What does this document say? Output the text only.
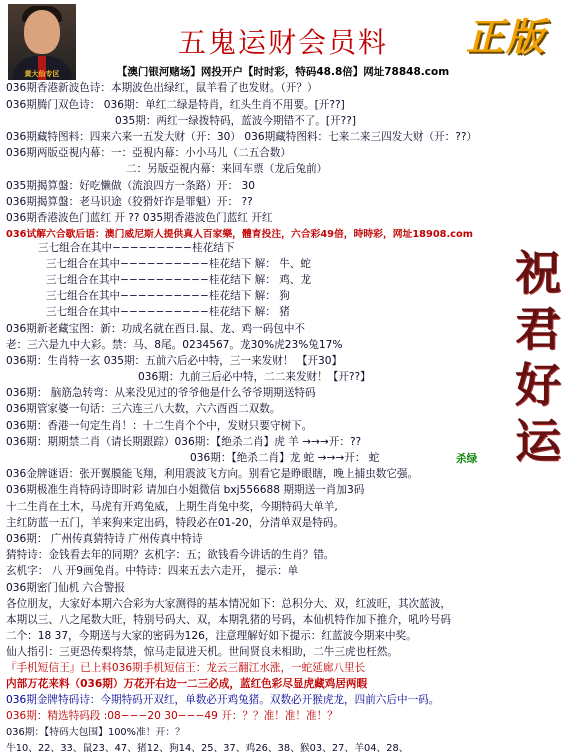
黄大仙专区
五鬼运财会员料	正版
【澳门银河赌场】网投开户【时时彩，特码48.8倍】网址78848.com
祝君好运
036期香港新波色诗：本期波色出绿红，鼠羊看了也发财。（开？）
036期腾门双色诗： 036期：单红二绿是特肖，红头生肖不用要。[开??]
035期：两红一绿拨特码，蓝波今期错不了。[开??]
036期藏特图料：四来六来一五发大财（开：30） 036期藏特图料：七来二来三四发大财（开：??）
036期两版亞視内幕：一：亞視内幕：小小马儿（二五合数）
二：另版亞視内幕：来回车票（龙后兔前）
035期揭算盤：好吃懒做（流浪四方一条路）开： 30
036期揭算盤：老马识途（狡猾奸诈是罪魁）开： ??
036期香港波色门蓝红 开 ?? 035期香港波色门蓝红 开红
036试解六合歇后语：澳门威尼斯人提供真人百家樂，體育投注，六合彩49倍，時時彩，网址18908.com
三七组合在其中−−−−−−−−−桂花结下
三七组合在其中−−−−−−−−−−桂花结下 解： 牛、蛇
三七组合在其中−−−−−−−−−−桂花结下 解： 鸡、龙
三七组合在其中−−−−−−−−−−桂花结下 解： 狗
三七组合在其中−−−−−−−−−−桂花结下 解： 猪
036期新老藏宝图：新：功成名就在酉日.鼠、龙、鸡一码包中不
老：三六是九中大彩。禁：马、8尾。0234567。龙30%虎23%兔17%
036期：生肖特一玄 035期：五前六后必中特，三一来发财！ 【开30】
036期：九前三后必中特，二二来发财！【开??】
036期： 脑筋急转弯：从来没见过的爷爷他是什么爷爷期期送特码
036期管家婆一句话：三六连三八大数，六六酉酉二双数。
036期：香港一句定生肖！：十二生肖个个中，发财只要守树下。
036期：期期禁二肖（请长期跟踪）036期：【绝杀二肖】虎 羊 →→→开：??
036期：【绝杀二肖】龙 蛇 →→→开： 蛇
036金牌谜语：张开翼膜能飞翔，利用震波飞方向。别看它是睁眼瞎，晚上捕虫数它强。
036期极准生肖特码诗即时彩 请加白小姐微信 bxj556688 期期送一肖加3码
十二生肖在土木，马虎有开鸡兔威，上期生肖兔中奖，今期特码大单羊,
主红防蓝一五门，羊来狗来定出码，特段必在01-20，分清单双是特码。
036期： 广州传真猜特诗 广州传真中特诗
猜特诗：金钱看去年的同期？玄机字：五；欲钱看今讲话的生肖？错。
玄机字： 八 开9画兔肖。中特诗：四来五去六走开， 提示：单
036期密门仙机 六合警报
各位朋友，大家好本期六合彩为大家测得的基本情况如下：总积分大、双，红波旺，其次蓝波，
本期以三、八之尾数大旺，特别号码大、双，本期乳猪的号码，本仙机特作加下推介，吼吟号码
二个：18 37，今期送与大家的密码为126，注意理解好如下提示：红蓝波今期来中奖。
仙人指引：三更恐传梨将禁，惊马走鼠进天机。世间贤良未相助，二牛三虎也枉然。
『手机短信王』已上料036期手机短信王：龙云三翻江水涨，一蛇延廊八里长
内部万花来料（036期）万花开右边一二三必成，蓝红色彩尽显虎藏鸡居两暇
036期金牌特码诗：今期特码开双红，单数必开鸡兔猪。双数必开猴虎龙，四前六后中一码。
036期：精选特码段 :08−−−20 30−−−49 开：？？准！准！准！？
036期：【特码大包围】100%准！开：？
牛10、22、33、鼠23、47、猪12、狗14、25、37、鸡26、38、猴03、27、羊04、28、
杀绿
